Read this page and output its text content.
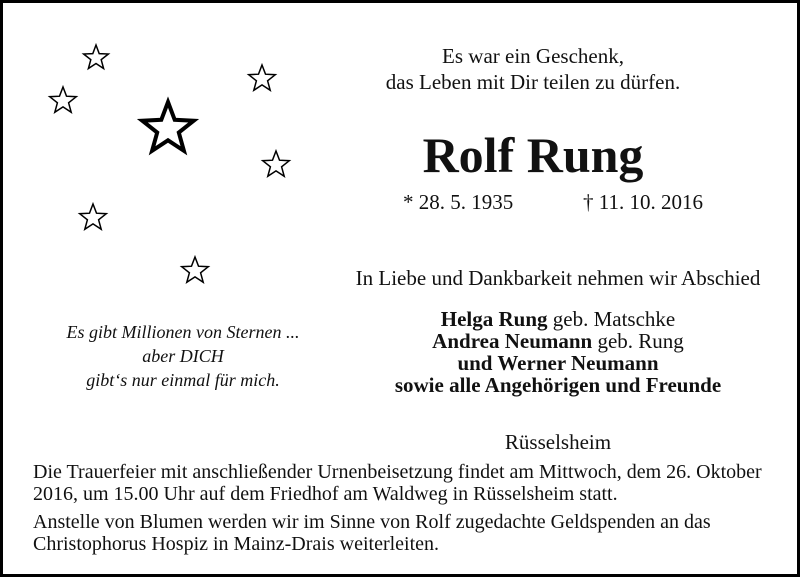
Es war ein Geschenk,
das Leben mit Dir teilen zu dürfen.
Rolf Rung
* 28. 5. 1935	† 11. 10. 2016
In Liebe und Dankbarkeit nehmen wir Abschied
Helga Rung geb. Matschke
Andrea Neumann geb. Rung
und Werner Neumann
sowie alle Angehörigen und Freunde
Es gibt Millionen von Sternen ...
aber DICH
gibt‘s nur einmal für mich.
Rüsselsheim

Die Trauerfeier mit anschließender Urnenbeisetzung findet am Mittwoch, dem 26. Oktober 2016, um 15.00 Uhr auf dem Friedhof am Waldweg in Rüsselsheim statt.

Anstelle von Blumen werden wir im Sinne von Rolf zugedachte Geldspenden an das Christophorus Hospiz in Mainz-Drais weiterleiten.
